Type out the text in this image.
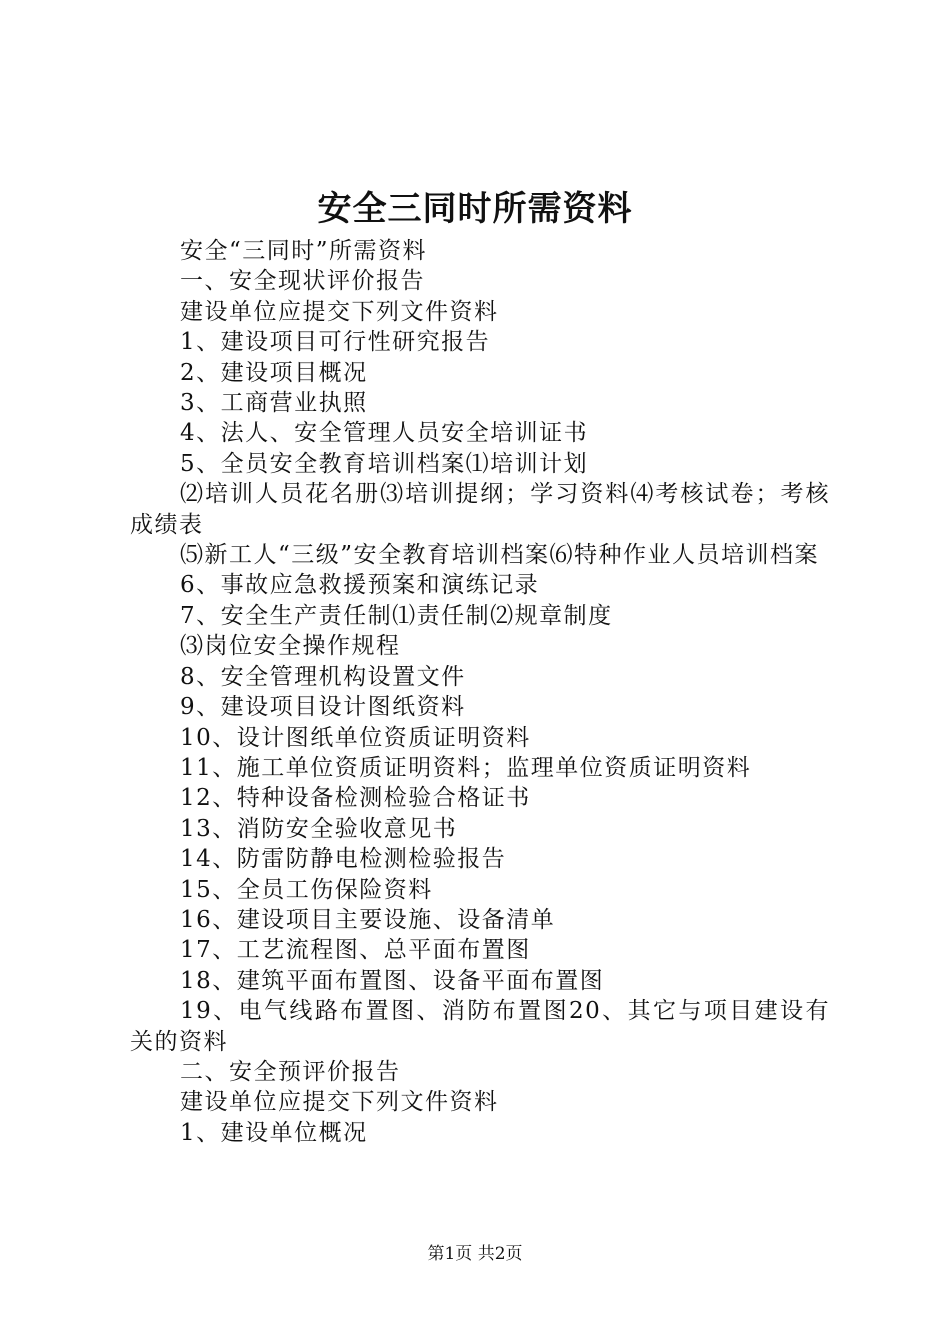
安全三同时所需资料

安全“三同时”所需资料

一、安全现状评价报告

建设单位应提交下列文件资料

1、建设项目可行性研究报告

2、建设项目概况

3、工商营业执照

4、法人、安全管理人员安全培训证书

5、全员安全教育培训档案⑴培训计划

⑵培训人员花名册⑶培训提纲；学习资料⑷考核试卷；考核成绩表

⑸新工人“三级”安全教育培训档案⑹特种作业人员培训档案

6、事故应急救援预案和演练记录

7、安全生产责任制⑴责任制⑵规章制度

⑶岗位安全操作规程

8、安全管理机构设置文件

9、建设项目设计图纸资料

10、设计图纸单位资质证明资料

11、施工单位资质证明资料；监理单位资质证明资料

12、特种设备检测检验合格证书

13、消防安全验收意见书

14、防雷防静电检测检验报告

15、全员工伤保险资料

16、建设项目主要设施、设备清单

17、工艺流程图、总平面布置图

18、建筑平面布置图、设备平面布置图

19、电气线路布置图、消防布置图20、其它与项目建设有关的资料

二、安全预评价报告

建设单位应提交下列文件资料

1、建设单位概况

第1页 共2页
